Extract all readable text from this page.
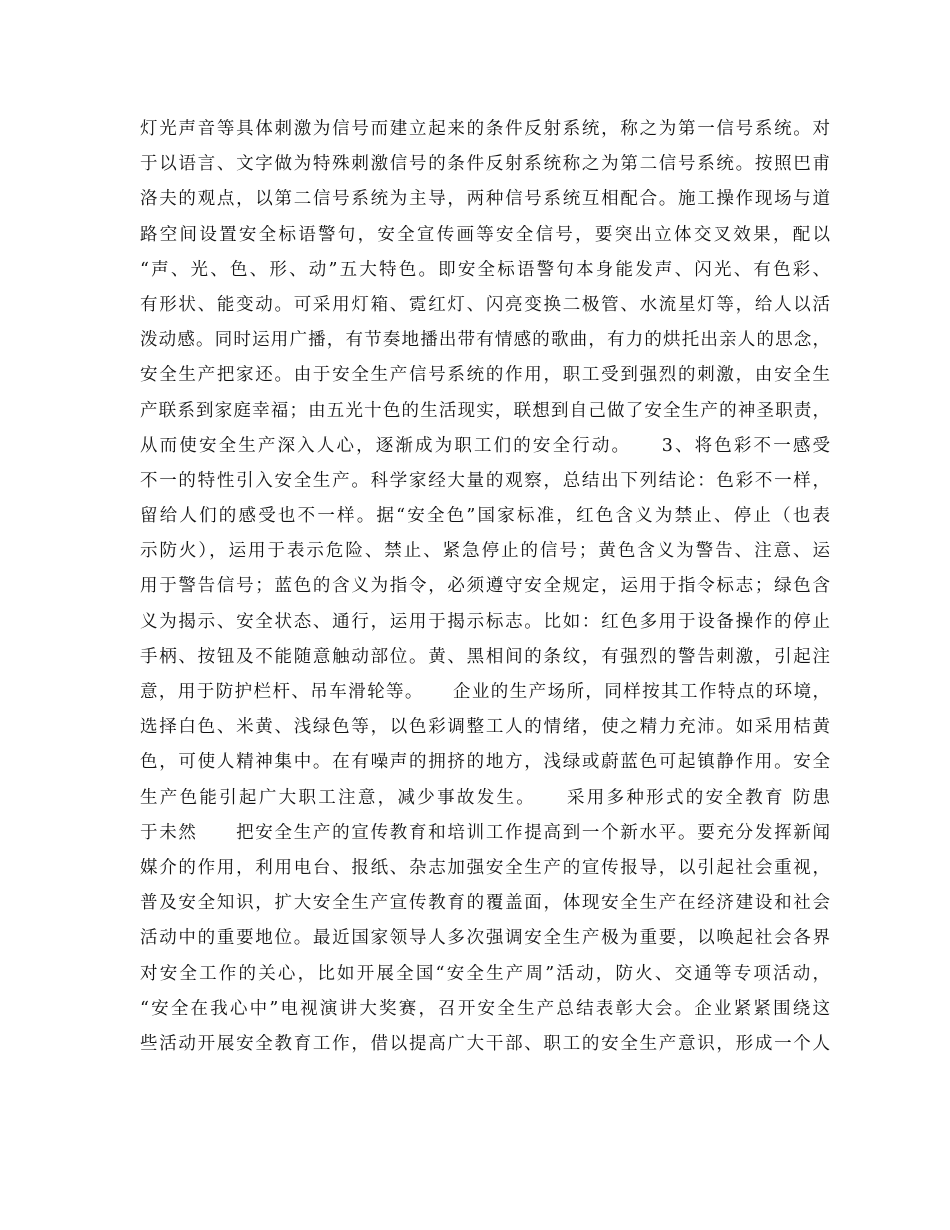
灯光声音等具体刺激为信号而建立起来的条件反射系统，称之为第一信号系统。对
于以语言、文字做为特殊刺激信号的条件反射系统称之为第二信号系统。按照巴甫
洛夫的观点，以第二信号系统为主导，两种信号系统互相配合。施工操作现场与道
路空间设置安全标语警句，安全宣传画等安全信号，要突出立体交叉效果，配以
“声、光、色、形、动”五大特色。即安全标语警句本身能发声、闪光、有色彩、
有形状、能变动。可采用灯箱、霓红灯、闪亮变换二极管、水流星灯等，给人以活
泼动感。同时运用广播，有节奏地播出带有情感的歌曲，有力的烘托出亲人的思念，
安全生产把家还。由于安全生产信号系统的作用，职工受到强烈的刺激，由安全生
产联系到家庭幸福；由五光十色的生活现实，联想到自己做了安全生产的神圣职责，
从而使安全生产深入人心，逐渐成为职工们的安全行动。　　3、将色彩不一感受
不一的特性引入安全生产。科学家经大量的观察，总结出下列结论：色彩不一样，
留给人们的感受也不一样。据“安全色”国家标准，红色含义为禁止、停止（也表
示防火），运用于表示危险、禁止、紧急停止的信号；黄色含义为警告、注意、运
用于警告信号；蓝色的含义为指令，必须遵守安全规定，运用于指令标志；绿色含
义为揭示、安全状态、通行，运用于揭示标志。比如：红色多用于设备操作的停止
手柄、按钮及不能随意触动部位。黄、黑相间的条纹，有强烈的警告刺激，引起注
意，用于防护栏杆、吊车滑轮等。　　企业的生产场所，同样按其工作特点的环境，
选择白色、米黄、浅绿色等，以色彩调整工人的情绪，使之精力充沛。如采用桔黄
色，可使人精神集中。在有噪声的拥挤的地方，浅绿或蔚蓝色可起镇静作用。安全
生产色能引起广大职工注意，减少事故发生。　　采用多种形式的安全教育 防患
于未然　　把安全生产的宣传教育和培训工作提高到一个新水平。要充分发挥新闻
媒介的作用，利用电台、报纸、杂志加强安全生产的宣传报导，以引起社会重视，
普及安全知识，扩大安全生产宣传教育的覆盖面，体现安全生产在经济建设和社会
活动中的重要地位。最近国家领导人多次强调安全生产极为重要，以唤起社会各界
对安全工作的关心，比如开展全国“安全生产周”活动，防火、交通等专项活动，
“安全在我心中”电视演讲大奖赛，召开安全生产总结表彰大会。企业紧紧围绕这
些活动开展安全教育工作，借以提高广大干部、职工的安全生产意识，形成一个人
